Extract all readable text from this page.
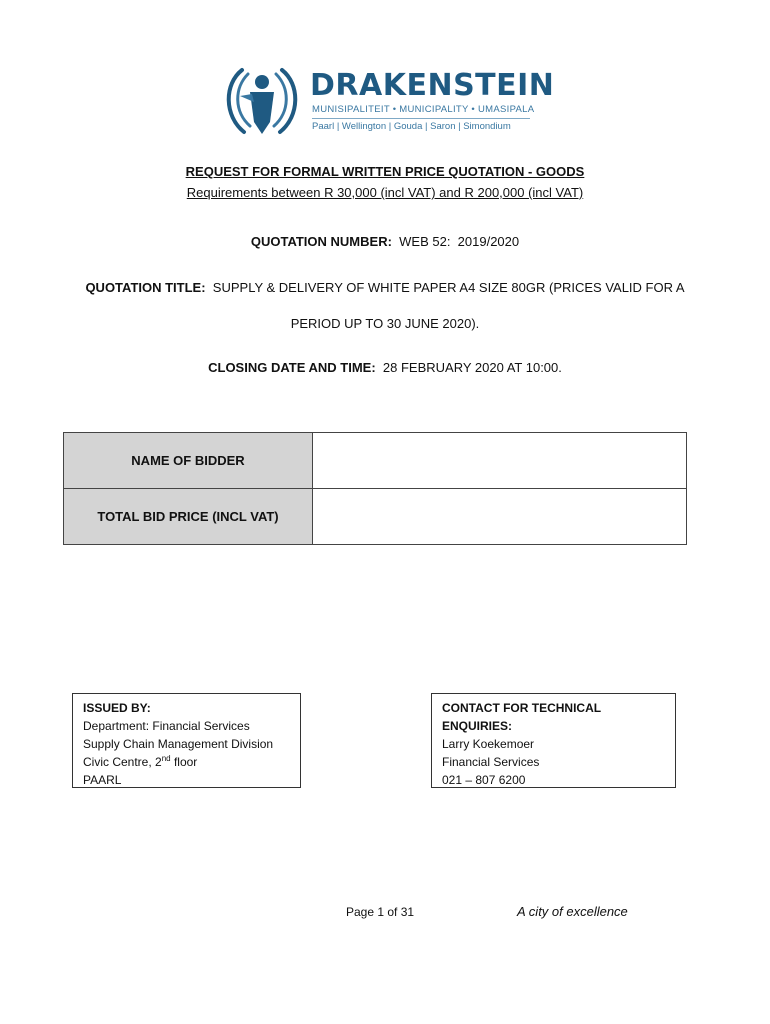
DRAKENSTEIN
MUNISIPALITEIT • MUNICIPALITY • UMASIPALA
Paarl | Wellington | Gouda | Saron | Simondium
REQUEST FOR FORMAL WRITTEN PRICE QUOTATION - GOODS
Requirements between R 30,000 (incl VAT) and R 200,000 (incl VAT)
QUOTATION NUMBER: WEB 52:  2019/2020
QUOTATION TITLE: SUPPLY & DELIVERY OF WHITE PAPER A4 SIZE 80GR (PRICES VALID FOR A
PERIOD UP TO 30 JUNE 2020).
CLOSING DATE AND TIME: 28 FEBRUARY 2020 AT 10:00.
NAME OF BIDDER	
TOTAL BID PRICE (INCL VAT)	
ISSUED BY:
Department: Financial Services
Supply Chain Management Division
Civic Centre, 2nd floor
PAARL
CONTACT FOR TECHNICAL ENQUIRIES:
Larry Koekemoer
Financial Services
021 – 807 6200
Page 1 of 31	A city of excellence
